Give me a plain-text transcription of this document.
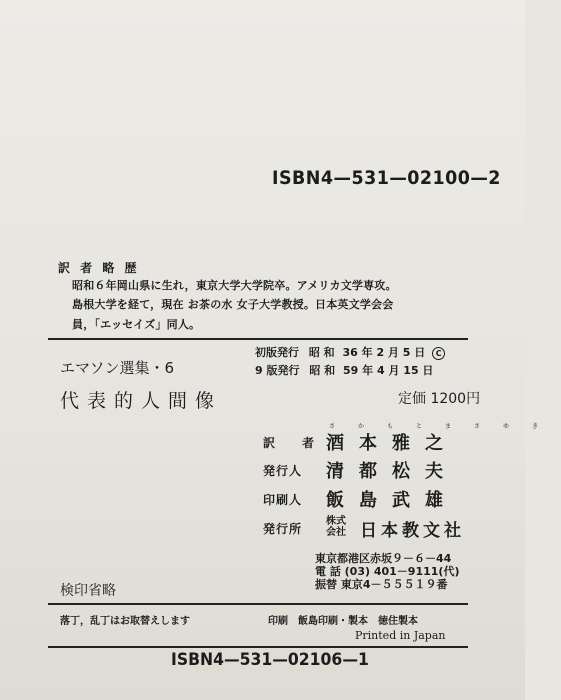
ISBN4—531—02100—2
訳 者 略 歴
昭和６年岡山県に生れ，東京大学大学院卒。アメリカ文学専攻。
島根大学を経て，現在 お茶の水 女子大学教授。日本英文学会会
員，「エッセイズ」同人。
エマソン選集・6
代表的人間像
初版発行 昭 和 36 年 2 月 5 日 C
9 版発行 昭 和 59 年 4 月 15 日
定価 1200円
訳　　者
さかもとまさゆき
酒本雅之
発行人 清都松夫
印刷人 飯島武雄
発行所
株式
会社 日本教文社
東京都港区赤坂９－６－44
電 話 (03) 401－9111(代)
振替 東京4－５５５１９番
検印省略
落丁，乱丁はお取替えします	印刷　飯島印刷・製本　徳住製本
Printed in Japan
ISBN4—531—02106—1
